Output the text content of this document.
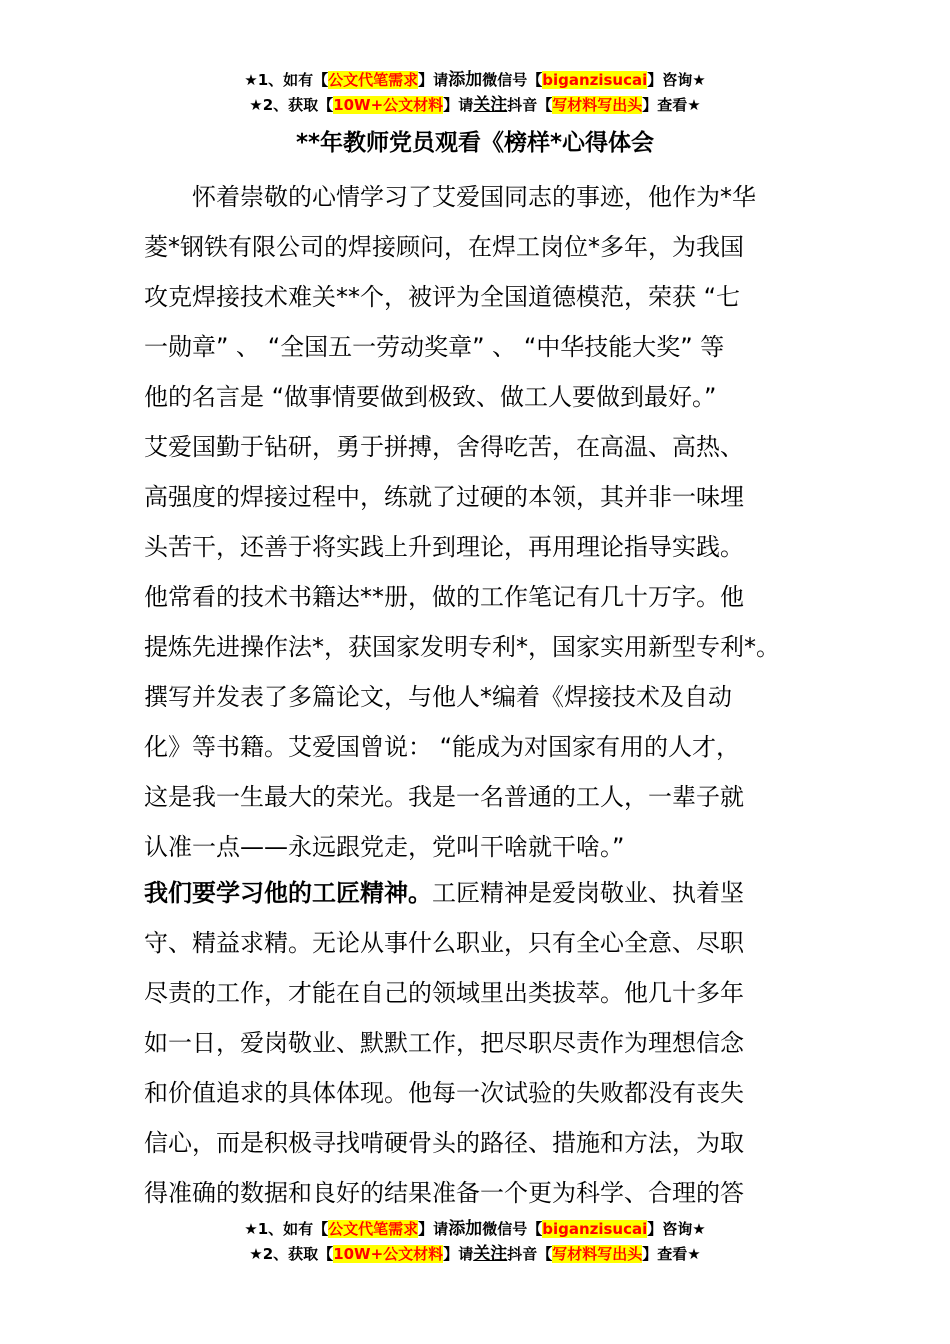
★1、如有【公文代笔需求】请添加微信号【biganzisucai】咨询★
★2、获取【10W+公文材料】请关注抖音【写材料写出头】查看★
**年教师党员观看《榜样*心得体会
　　怀着崇敬的心情学习了艾爱国同志的事迹，他作为*华
菱*钢铁有限公司的焊接顾问，在焊工岗位*多年，为我国
攻克焊接技术难关**个，被评为全国道德模范，荣获 “七
一勋章” 、 “全国五一劳动奖章” 、 “中华技能大奖” 等
他的名言是 “做事情要做到极致、做工人要做到最好。”
艾爱国勤于钻研，勇于拼搏，舍得吃苦，在高温、高热、
高强度的焊接过程中，练就了过硬的本领，其并非一味埋
头苦干，还善于将实践上升到理论，再用理论指导实践。
他常看的技术书籍达**册，做的工作笔记有几十万字。他
提炼先进操作法*，获国家发明专利*，国家实用新型专利*。
撰写并发表了多篇论文，与他人*编着《焊接技术及自动
化》等书籍。艾爱国曾说： “能成为对国家有用的人才，
这是我一生最大的荣光。我是一名普通的工人，一辈子就
认准一点——永远跟党走，党叫干啥就干啥。”
我们要学习他的工匠精神。工匠精神是爱岗敬业、执着坚
守、精益求精。无论从事什么职业，只有全心全意、尽职
尽责的工作，才能在自己的领域里出类拔萃。他几十多年
如一日，爱岗敬业、默默工作，把尽职尽责作为理想信念
和价值追求的具体体现。他每一次试验的失败都没有丧失
信心，而是积极寻找啃硬骨头的路径、措施和方法，为取
得准确的数据和良好的结果准备一个更为科学、合理的答
★1、如有【公文代笔需求】请添加微信号【biganzisucai】咨询★
★2、获取【10W+公文材料】请关注抖音【写材料写出头】查看★
